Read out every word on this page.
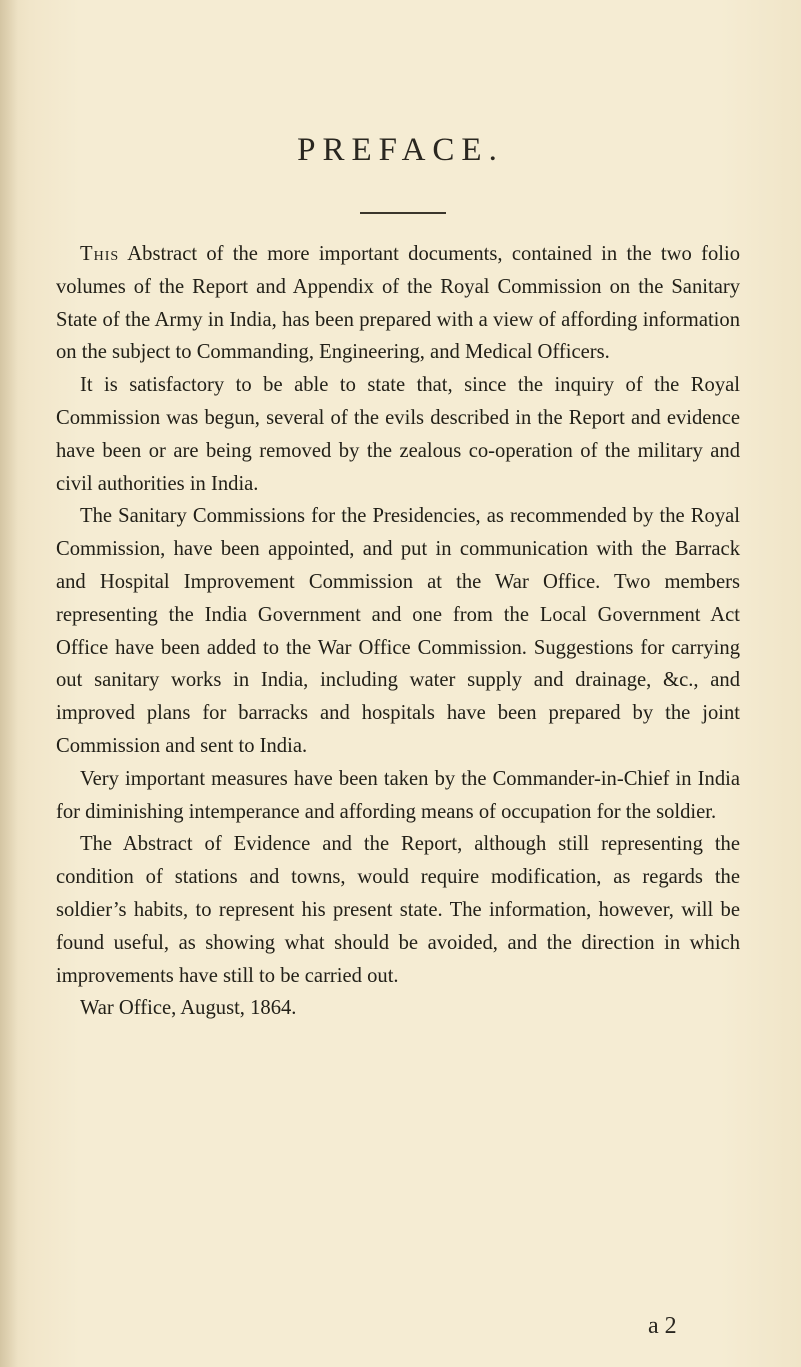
PREFACE.

This Abstract of the more important documents, contained in the two folio volumes of the Report and Appendix of the Royal Commission on the Sanitary State of the Army in India, has been prepared with a view of affording information on the subject to Commanding, Engineering, and Medical Officers.

It is satisfactory to be able to state that, since the inquiry of the Royal Commission was begun, several of the evils described in the Report and evidence have been or are being removed by the zealous co-operation of the military and civil authorities in India.

The Sanitary Commissions for the Presidencies, as recommended by the Royal Commission, have been appointed, and put in communication with the Barrack and Hospital Improvement Commission at the War Office. Two members representing the India Government and one from the Local Government Act Office have been added to the War Office Commission. Suggestions for carrying out sanitary works in India, including water supply and drainage, &c., and improved plans for barracks and hospitals have been prepared by the joint Commission and sent to India.

Very important measures have been taken by the Commander-in-Chief in India for diminishing intemperance and affording means of occupation for the soldier.

The Abstract of Evidence and the Report, although still representing the condition of stations and towns, would require modification, as regards the soldier’s habits, to represent his present state. The information, however, will be found useful, as showing what should be avoided, and the direction in which improvements have still to be carried out.

War Office, August, 1864.

a 2
